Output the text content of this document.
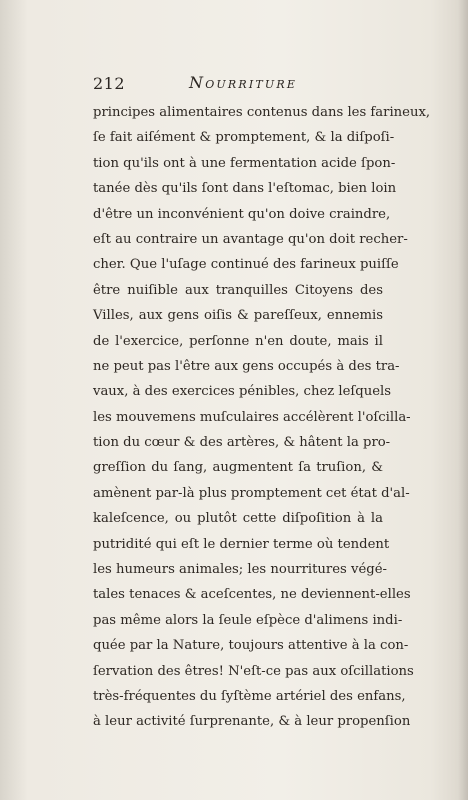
212	Nourriture
principes alimentaires contenus dans les farineux,
ſe fait aiſément & promptement, & la diſpoſi-
tion qu'ils ont à une fermentation acide ſpon-
tanée dès qu'ils ſont dans l'eſtomac, bien loin
d'être un inconvénient qu'on doive craindre,
eſt au contraire un avantage qu'on doit recher-
cher. Que l'uſage continué des farineux puiſſe
être nuiſible aux tranquilles Citoyens des
Villes, aux gens oiſis & pareſſeux, ennemis
de l'exercice, perſonne n'en doute, mais il
ne peut pas l'être aux gens occupés à des tra-
vaux, à des exercices pénibles, chez leſquels
les mouvemens muſculaires accélèrent l'oſcilla-
tion du cœur & des artères, & hâtent la pro-
greſſion du ſang, augmentent ſa truſion, &
amènent par-là plus promptement cet état d'al-
kaleſcence, ou plutôt cette diſpoſition à la
putridité qui eſt le dernier terme où tendent
les humeurs animales; les nourritures végé-
tales tenaces & aceſcentes, ne deviennent-elles
pas même alors la ſeule eſpèce d'alimens indi-
quée par la Nature, toujours attentive à la con-
ſervation des êtres! N'eſt-ce pas aux oſcillations
très-fréquentes du ſyſtème artériel des enfans,
à leur activité ſurprenante, & à leur propenſion
